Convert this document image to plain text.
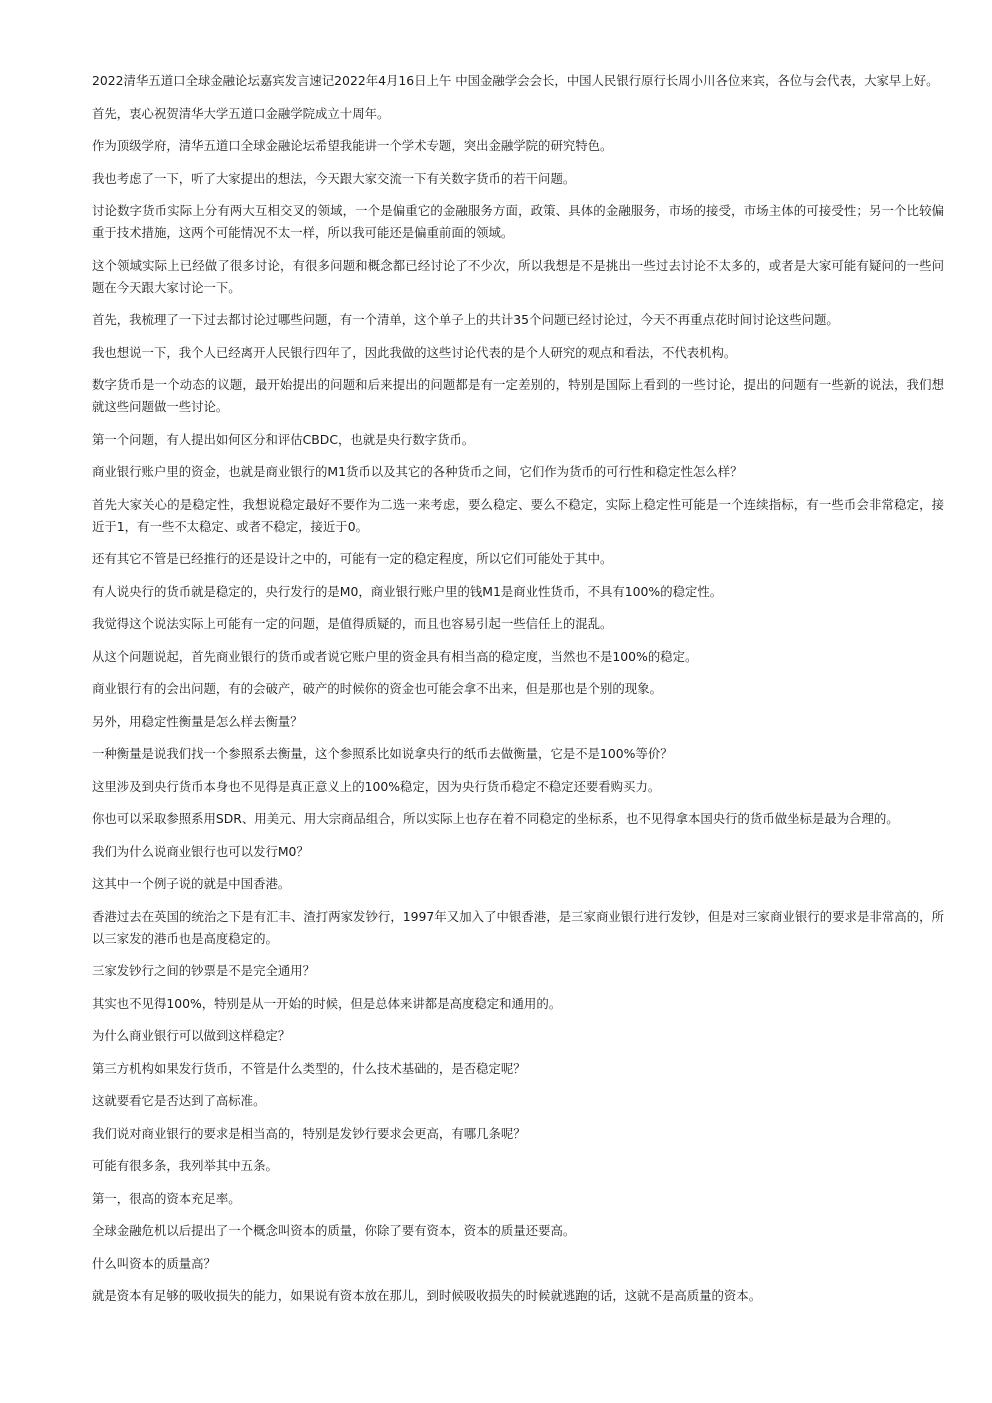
2022清华五道口全球金融论坛嘉宾发言速记2022年4月16日上午 中国金融学会会长，中国人民银行原行长周小川各位来宾，各位与会代表，大家早上好。

首先，衷心祝贺清华大学五道口金融学院成立十周年。

作为顶级学府，清华五道口全球金融论坛希望我能讲一个学术专题，突出金融学院的研究特色。

我也考虑了一下，听了大家提出的想法，今天跟大家交流一下有关数字货币的若干问题。

讨论数字货币实际上分有两大互相交叉的领域，一个是偏重它的金融服务方面，政策、具体的金融服务，市场的接受，市场主体的可接受性；另一个比较偏重于技术措施，这两个可能情况不太一样，所以我可能还是偏重前面的领域。

这个领域实际上已经做了很多讨论，有很多问题和概念都已经讨论了不少次，所以我想是不是挑出一些过去讨论不太多的，或者是大家可能有疑问的一些问题在今天跟大家讨论一下。

首先，我梳理了一下过去都讨论过哪些问题，有一个清单，这个单子上的共计35个问题已经讨论过，今天不再重点花时间讨论这些问题。

我也想说一下，我个人已经离开人民银行四年了，因此我做的这些讨论代表的是个人研究的观点和看法，不代表机构。

数字货币是一个动态的议题，最开始提出的问题和后来提出的问题都是有一定差别的，特别是国际上看到的一些讨论，提出的问题有一些新的说法，我们想就这些问题做一些讨论。

第一个问题，有人提出如何区分和评估CBDC，也就是央行数字货币。

商业银行账户里的资金，也就是商业银行的M1货币以及其它的各种货币之间，它们作为货币的可行性和稳定性怎么样？

首先大家关心的是稳定性，我想说稳定最好不要作为二选一来考虑，要么稳定、要么不稳定，实际上稳定性可能是一个连续指标，有一些币会非常稳定，接近于1，有一些不太稳定、或者不稳定，接近于0。

还有其它不管是已经推行的还是设计之中的，可能有一定的稳定程度，所以它们可能处于其中。

有人说央行的货币就是稳定的，央行发行的是M0，商业银行账户里的钱M1是商业性货币，不具有100%的稳定性。

我觉得这个说法实际上可能有一定的问题，是值得质疑的，而且也容易引起一些信任上的混乱。

从这个问题说起，首先商业银行的货币或者说它账户里的资金具有相当高的稳定度，当然也不是100%的稳定。

商业银行有的会出问题，有的会破产，破产的时候你的资金也可能会拿不出来，但是那也是个别的现象。

另外，用稳定性衡量是怎么样去衡量？

一种衡量是说我们找一个参照系去衡量，这个参照系比如说拿央行的纸币去做衡量，它是不是100%等价？

这里涉及到央行货币本身也不见得是真正意义上的100%稳定，因为央行货币稳定不稳定还要看购买力。

你也可以采取参照系用SDR、用美元、用大宗商品组合，所以实际上也存在着不同稳定的坐标系，也不见得拿本国央行的货币做坐标是最为合理的。

我们为什么说商业银行也可以发行M0？

这其中一个例子说的就是中国香港。

香港过去在英国的统治之下是有汇丰、渣打两家发钞行，1997年又加入了中银香港，是三家商业银行进行发钞，但是对三家商业银行的要求是非常高的，所以三家发的港币也是高度稳定的。

三家发钞行之间的钞票是不是完全通用？

其实也不见得100%，特别是从一开始的时候，但是总体来讲都是高度稳定和通用的。

为什么商业银行可以做到这样稳定？

第三方机构如果发行货币，不管是什么类型的，什么技术基础的，是否稳定呢？

这就要看它是否达到了高标准。

我们说对商业银行的要求是相当高的，特别是发钞行要求会更高，有哪几条呢？

可能有很多条，我列举其中五条。

第一，很高的资本充足率。

全球金融危机以后提出了一个概念叫资本的质量，你除了要有资本，资本的质量还要高。

什么叫资本的质量高？

就是资本有足够的吸收损失的能力，如果说有资本放在那儿，到时候吸收损失的时候就逃跑的话，这就不是高质量的资本。
